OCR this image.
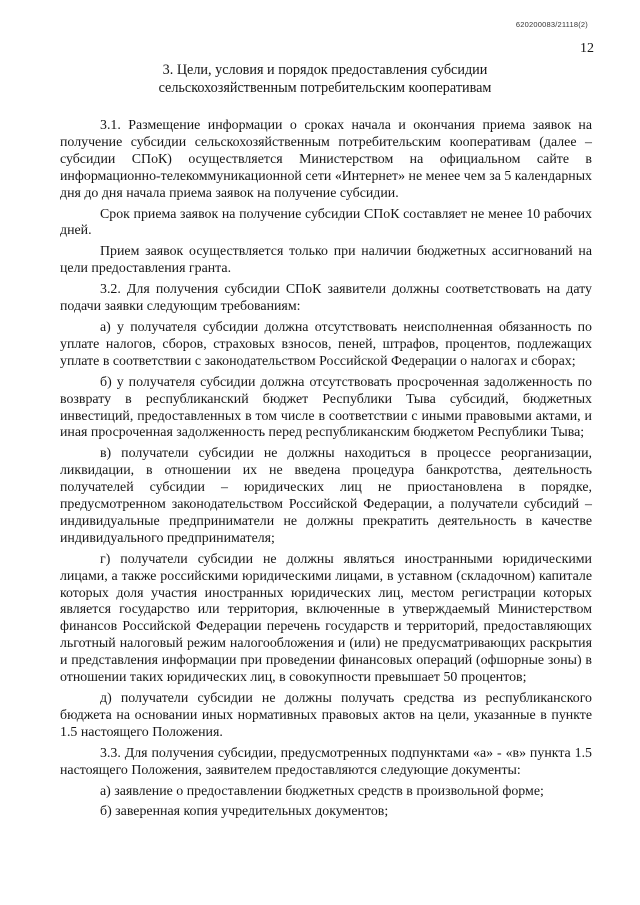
620200083/21118(2)
12
3. Цели, условия и порядок предоставления субсидии
сельскохозяйственным потребительским кооперативам

3.1. Размещение информации о сроках начала и окончания приема заявок на получение субсидии сельскохозяйственным потребительским кооперативам (далее – субсидии СПоК) осуществляется Министерством на официальном сайте в информационно-телекоммуникационной сети «Интернет» не менее чем за 5 календарных дня до дня начала приема заявок на получение субсидии.

Срок приема заявок на получение субсидии СПоК составляет не менее 10 рабочих дней.

Прием заявок осуществляется только при наличии бюджетных ассигнований на цели предоставления гранта.

3.2. Для получения субсидии СПоК заявители должны соответствовать на дату подачи заявки следующим требованиям:

а) у получателя субсидии должна отсутствовать неисполненная обязанность по уплате налогов, сборов, страховых взносов, пеней, штрафов, процентов, подлежащих уплате в соответствии с законодательством Российской Федерации о налогах и сборах;

б) у получателя субсидии должна отсутствовать просроченная задолженность по возврату в республиканский бюджет Республики Тыва субсидий, бюджетных инвестиций, предоставленных в том числе в соответствии с иными правовыми актами, и иная просроченная задолженность перед республиканским бюджетом Республики Тыва;

в) получатели субсидии не должны находиться в процессе реорганизации, ликвидации, в отношении их не введена процедура банкротства, деятельность получателей субсидии – юридических лиц не приостановлена в порядке, предусмотренном законодательством Российской Федерации, а получатели субсидий – индивидуальные предприниматели не должны прекратить деятельность в качестве индивидуального предпринимателя;

г) получатели субсидии не должны являться иностранными юридическими лицами, а также российскими юридическими лицами, в уставном (складочном) капитале которых доля участия иностранных юридических лиц, местом регистрации которых является государство или территория, включенные в утверждаемый Министерством финансов Российской Федерации перечень государств и территорий, предоставляющих льготный налоговый режим налогообложения и (или) не предусматривающих раскрытия и представления информации при проведении финансовых операций (офшорные зоны) в отношении таких юридических лиц, в совокупности превышает 50 процентов;

д) получатели субсидии не должны получать средства из республиканского бюджета на основании иных нормативных правовых актов на цели, указанные в пункте 1.5 настоящего Положения.

3.3. Для получения субсидии, предусмотренных подпунктами «а» - «в» пункта 1.5 настоящего Положения, заявителем предоставляются следующие документы:

а) заявление о предоставлении бюджетных средств в произвольной форме;

б) заверенная копия учредительных документов;
